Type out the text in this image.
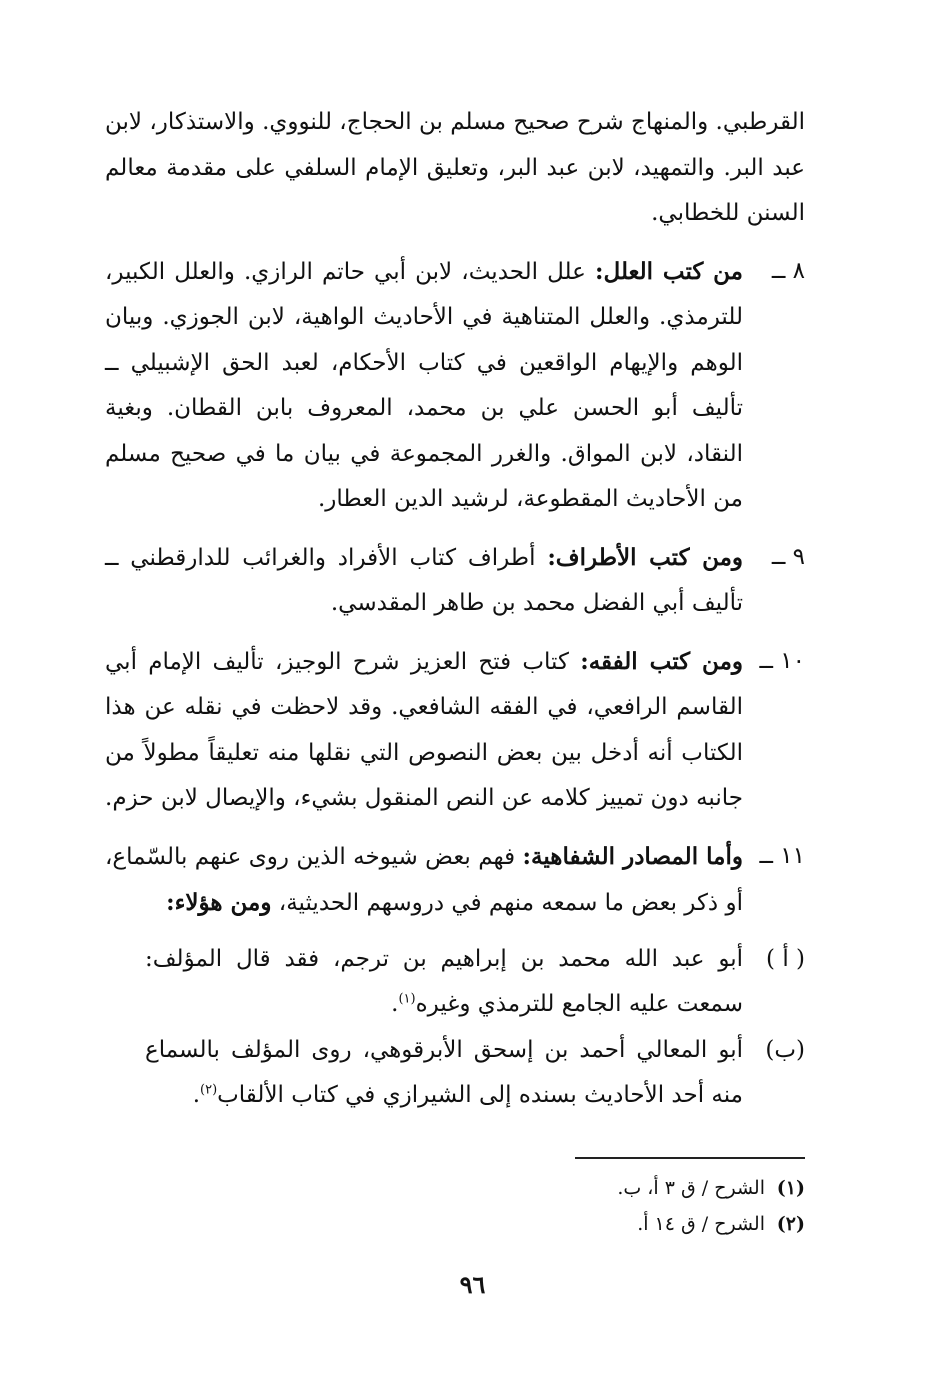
القرطبي. والمنهاج شرح صحيح مسلم بن الحجاج، للنووي. والاستذكار، لابن عبد البر. والتمهيد، لابن عبد البر، وتعليق الإمام السلفي على مقدمة معالم السنن للخطابي.

٨ ــ
من كتب العلل: علل الحديث، لابن أبي حاتم الرازي. والعلل الكبير، للترمذي. والعلل المتناهية في الأحاديث الواهية، لابن الجوزي. وبيان الوهم والإيهام الواقعين في كتاب الأحكام، لعبد الحق الإشبيلي ــ تأليف أبو الحسن علي بن محمد، المعروف بابن القطان. وبغية النقاد، لابن المواق. والغرر المجموعة في بيان ما في صحيح مسلم من الأحاديث المقطوعة، لرشيد الدين العطار.
٩ ــ
ومن كتب الأطراف: أطراف كتاب الأفراد والغرائب للدارقطني ــ تأليف أبي الفضل محمد بن طاهر المقدسي.
١٠ ــ
ومن كتب الفقه: كتاب فتح العزيز شرح الوجيز، تأليف الإمام أبي القاسم الرافعي، في الفقه الشافعي. وقد لاحظت في نقله عن هذا الكتاب أنه أدخل بين بعض النصوص التي نقلها منه تعليقاً مطولاً من جانبه دون تمييز كلامه عن النص المنقول بشيء، والإيصال لابن حزم.
١١ ــ
وأما المصادر الشفاهية: فهم بعض شيوخه الذين روى عنهم بالسّماع، أو ذكر بعض ما سمعه منهم في دروسهم الحديثية، ومن هؤلاء:
( أ )
أبو عبد الله محمد بن إبراهيم بن ترجم، فقد قال المؤلف: سمعت عليه الجامع للترمذي وغيره$^{(١)}$.
(ب)
أبو المعالي أحمد بن إسحق الأبرقوهي، روى المؤلف بالسماع منه أحد الأحاديث بسنده إلى الشيرازي في كتاب الألقاب$^{(٢)}$.
(١)
الشرح / ق ٣ أ، ب.
(٢)
الشرح / ق ١٤ أ.
٩٦
